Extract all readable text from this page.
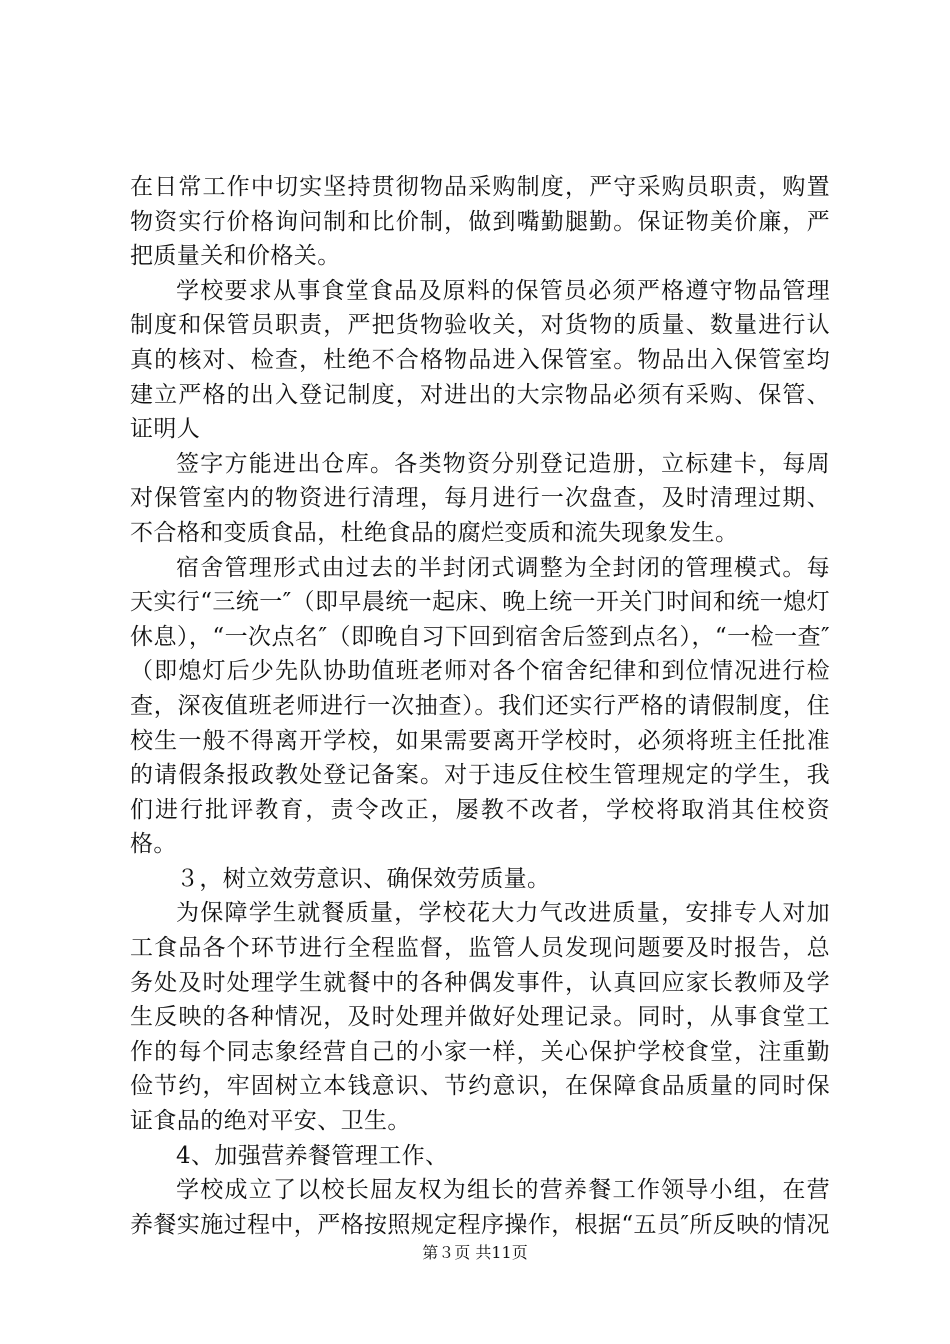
在日常工作中切实坚持贯彻物品采购制度，严守采购员职责，购置物资实行价格询问制和比价制，做到嘴勤腿勤。保证物美价廉，严把质量关和价格关。

学校要求从事食堂食品及原料的保管员必须严格遵守物品管理制度和保管员职责，严把货物验收关，对货物的质量、数量进行认真的核对、检查，杜绝不合格物品进入保管室。物品出入保管室均建立严格的出入登记制度，对进出的大宗物品必须有采购、保管、证明人

签字方能进出仓库。各类物资分别登记造册，立标建卡，每周对保管室内的物资进行清理，每月进行一次盘查，及时清理过期、不合格和变质食品，杜绝食品的腐烂变质和流失现象发生。

宿舍管理形式由过去的半封闭式调整为全封闭的管理模式。每天实行“三统一″（即早晨统一起床、晚上统一开关门时间和统一熄灯休息），“一次点名″（即晚自习下回到宿舍后签到点名），“一检一查″（即熄灯后少先队协助值班老师对各个宿舍纪律和到位情况进行检查，深夜值班老师进行一次抽查）。我们还实行严格的请假制度，住校生一般不得离开学校，如果需要离开学校时，必须将班主任批准的请假条报政教处登记备案。对于违反住校生管理规定的学生，我们进行批评教育，责令改正，屡教不改者，学校将取消其住校资格。

３，树立效劳意识、确保效劳质量。

为保障学生就餐质量，学校花大力气改进质量，安排专人对加工食品各个环节进行全程监督，监管人员发现问题要及时报告，总务处及时处理学生就餐中的各种偶发事件，认真回应家长教师及学生反映的各种情况，及时处理并做好处理记录。同时，从事食堂工作的每个同志象经营自己的小家一样，关心保护学校食堂，注重勤俭节约，牢固树立本钱意识、节约意识，在保障食品质量的同时保证食品的绝对平安、卫生。

4、加强营养餐管理工作、

学校成立了以校长屈友权为组长的营养餐工作领导小组，在营养餐实施过程中，严格按照规定程序操作，根据“五员″所反映的情况

第３页 共11页
